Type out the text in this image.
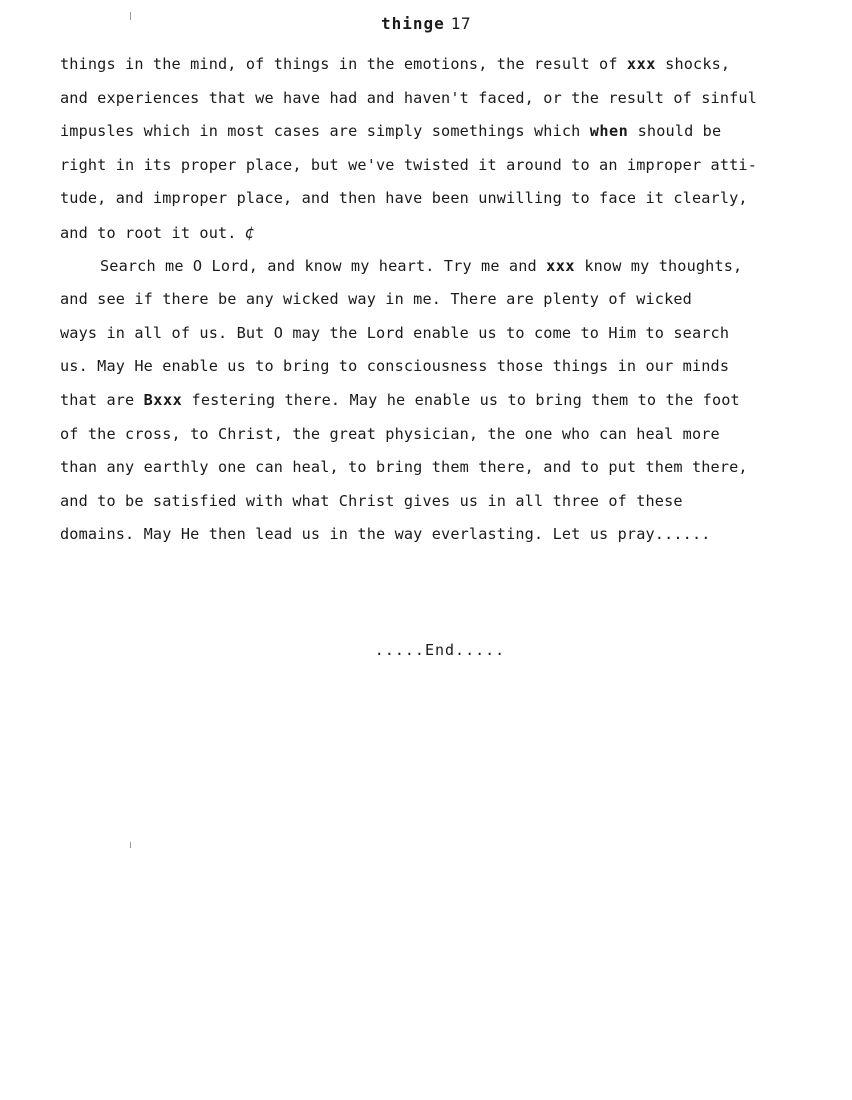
thinge 17
things in the mind, of things in the emotions, the result of xxx shocks,
and experiences that we have had and haven't faced, or the result of sinful
impusles which in most cases are simply somethings which when should be
right in its proper place, but we've twisted it around to an improper atti-
tude, and improper place, and then have been unwilling to face it clearly,
and to root it out. ¢
Search me O Lord, and know my heart. Try me and xxx know my thoughts,
and see if there be any wicked way in me. There are plenty of wicked
ways in all of us. But O may the Lord enable us to come to Him to search
us. May He enable us to bring to consciousness those things in our minds
that are Bxxx festering there. May he enable us to bring them to the foot
of the cross, to Christ, the great physician, the one who can heal more
than any earthly one can heal, to bring them there, and to put them there,
and to be satisfied with what Christ gives us in all three of these
domains. May He then lead us in the way everlasting. Let us pray......
.....End.....
